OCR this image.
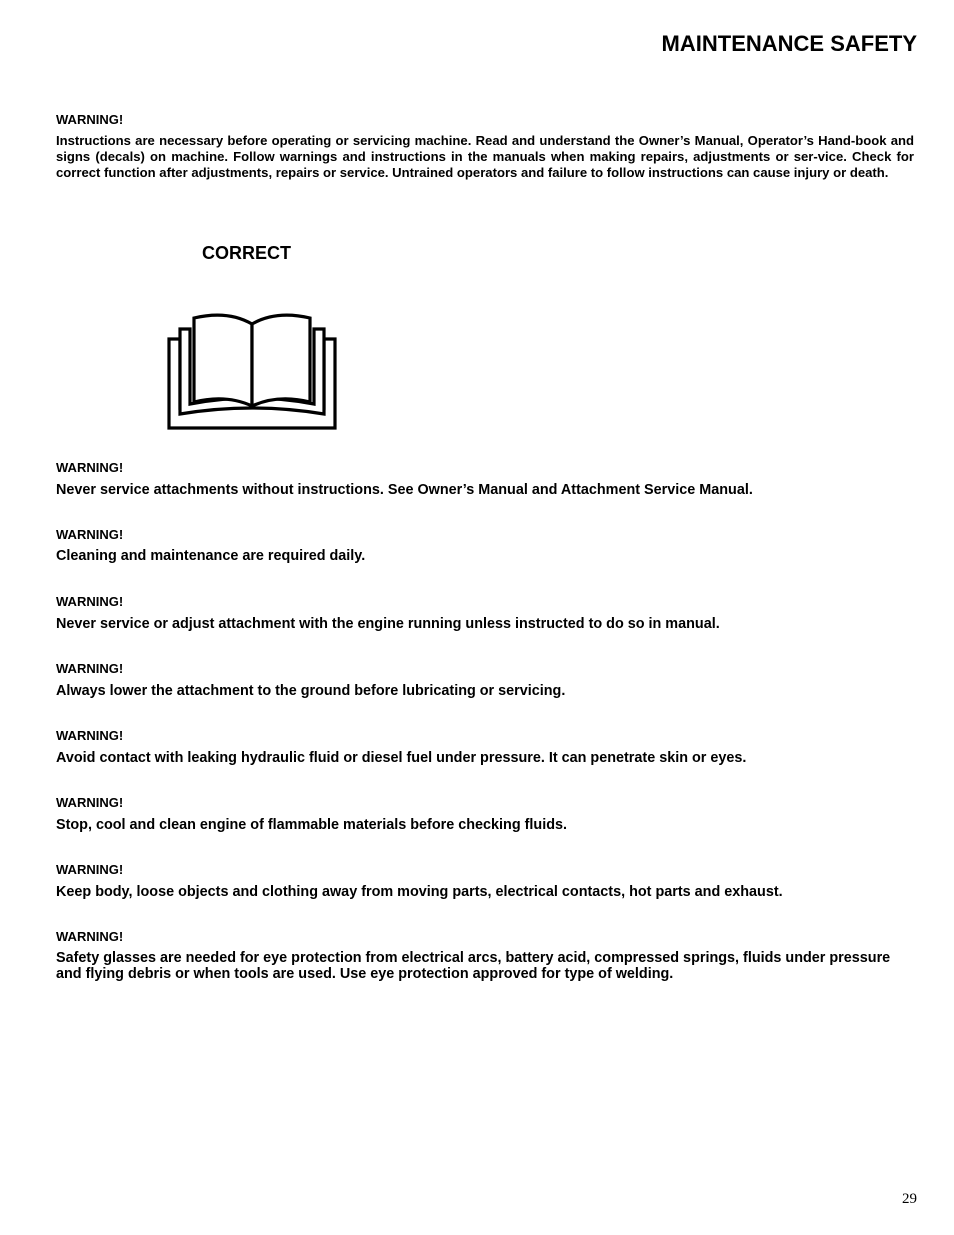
MAINTENANCE SAFETY
WARNING!
Instructions are necessary before operating or servicing machine. Read and understand the Owner’s Manual, Operator’s Hand-book and signs (decals) on machine. Follow warnings and instructions in the manuals when making repairs, adjustments or ser-vice. Check for correct function after adjustments, repairs or service. Untrained operators and failure to follow instructions can cause injury or death.
CORRECT
WARNING!
Never service attachments without instructions. See Owner’s Manual and Attachment Service Manual.
WARNING!
Cleaning and maintenance are required daily.
WARNING!
Never service or adjust attachment with the engine running unless instructed to do so in manual.
WARNING!
Always lower the attachment to the ground before lubricating or servicing.
WARNING!
Avoid contact with leaking hydraulic fluid or diesel fuel under pressure. It can penetrate skin or eyes.
WARNING!
Stop, cool and clean engine of flammable materials before checking fluids.
WARNING!
Keep body, loose objects and clothing away from moving parts, electrical contacts, hot parts and exhaust.
WARNING!
Safety glasses are needed for eye protection from electrical arcs, battery acid, compressed springs, fluids under pressure and flying debris or when tools are used. Use eye protection approved for type of welding.
29
